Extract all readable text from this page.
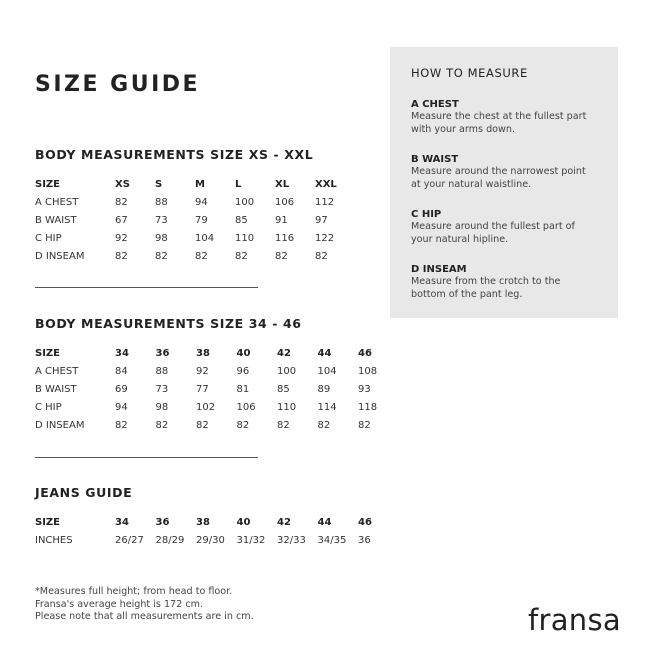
SIZE GUIDE
BODY MEASUREMENTS SIZE XS - XXL
SIZE	XS	S	M	L	XL	XXL
A CHEST	82	88	94	100	106	112
B WAIST	67	73	79	85	91	97
C HIP	92	98	104	110	116	122
D INSEAM	82	82	82	82	82	82
BODY MEASUREMENTS SIZE 34 - 46
SIZE	34	36	38	40	42	44	46
A CHEST	84	88	92	96	100	104	108
B WAIST	69	73	77	81	85	89	93
C HIP	94	98	102	106	110	114	118
D INSEAM	82	82	82	82	82	82	82
JEANS GUIDE
SIZE	34	36	38	40	42	44	46
INCHES	26/27	28/29	29/30	31/32	32/33	34/35	36
*Measures full height; from head to floor.
Fransa's average height is 172 cm.
Please note that all measurements are in cm.
HOW TO MEASURE
A CHEST
Measure the chest at the fullest part
with your arms down.
B WAIST
Measure around the narrowest point
at your natural waistline.
C HIP
Measure around the fullest part of
your natural hipline.
D INSEAM
Measure from the crotch to the
bottom of the pant leg.
fransa
